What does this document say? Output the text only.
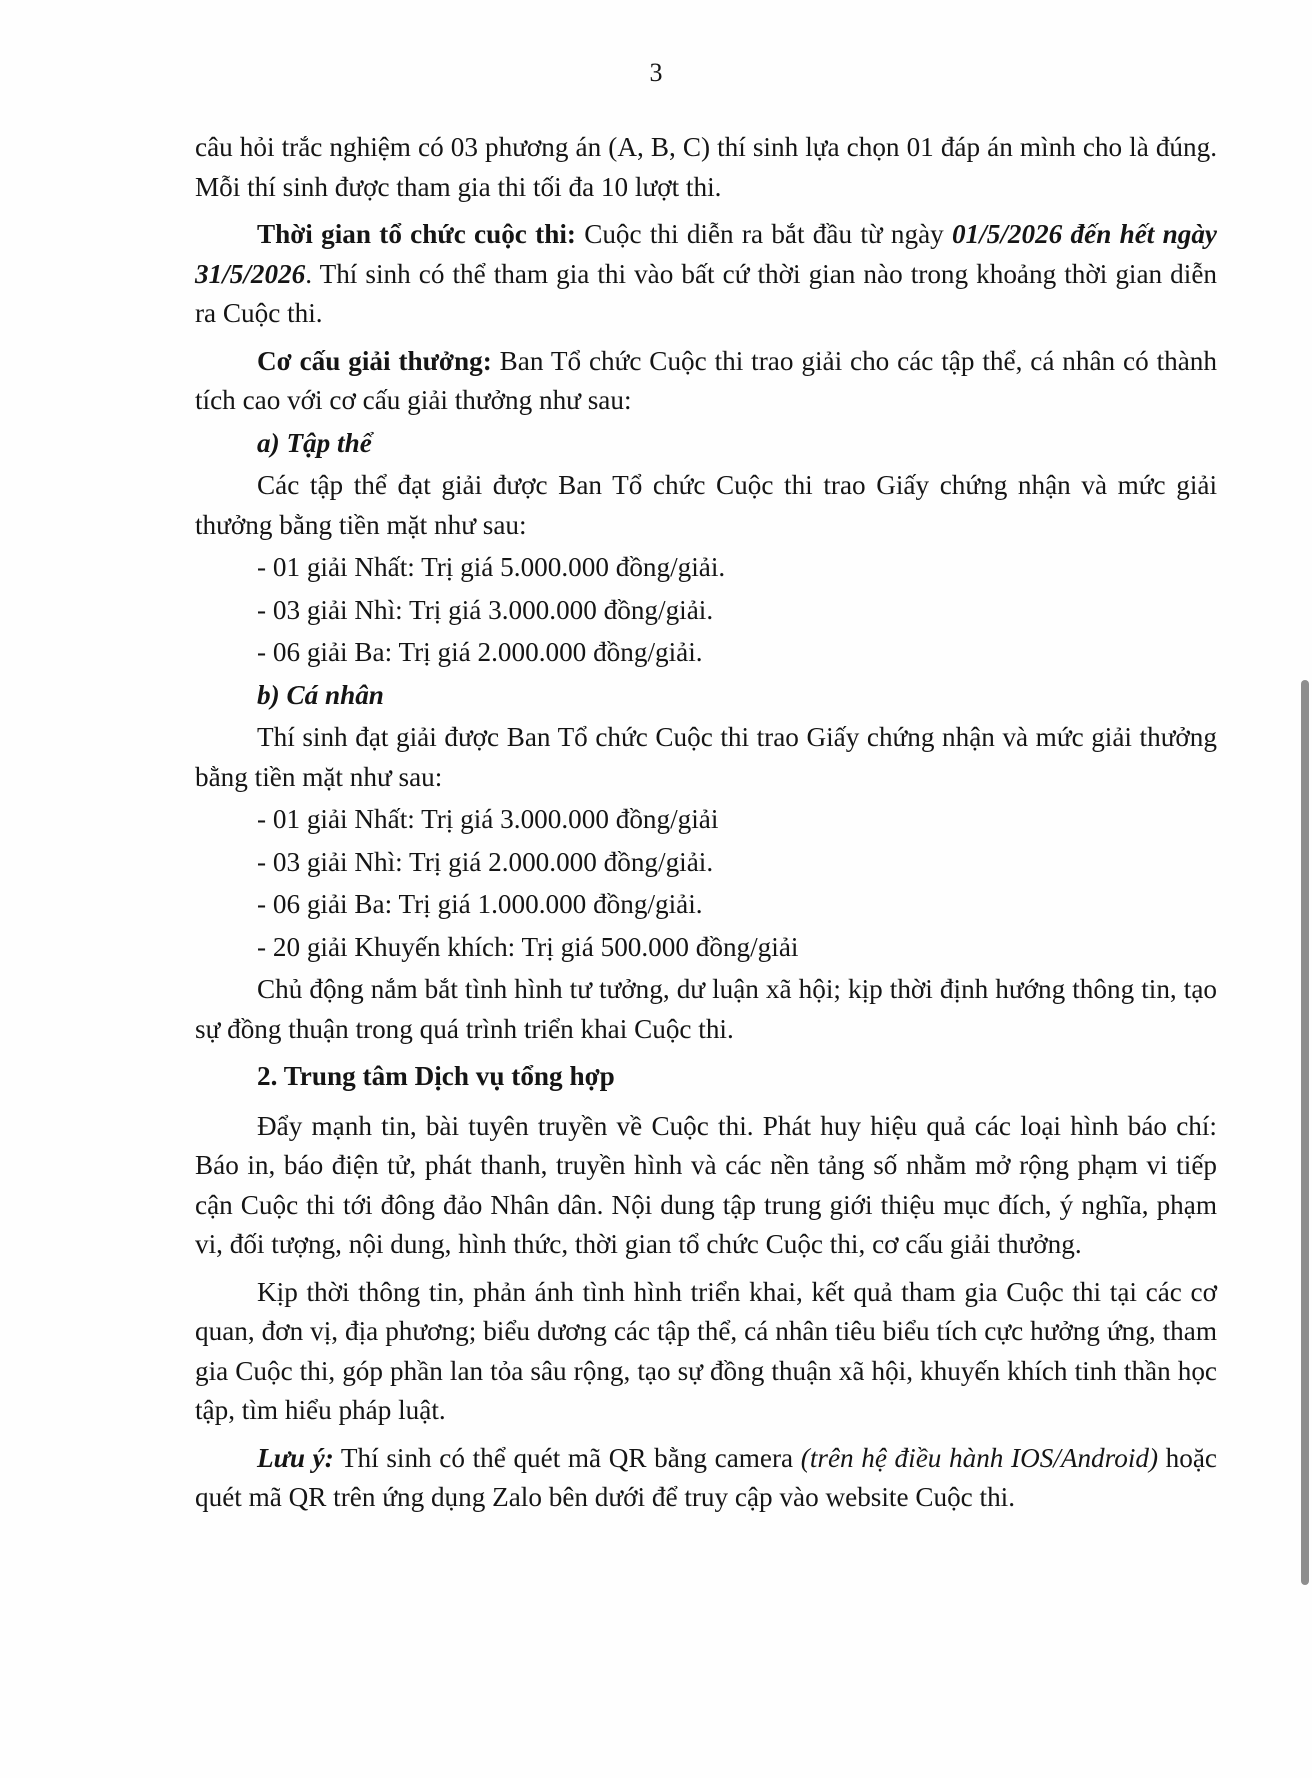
3

câu hỏi trắc nghiệm có 03 phương án (A, B, C) thí sinh lựa chọn 01 đáp án mình cho là đúng. Mỗi thí sinh được tham gia thi tối đa 10 lượt thi.

Thời gian tổ chức cuộc thi: Cuộc thi diễn ra bắt đầu từ ngày 01/5/2026 đến hết ngày 31/5/2026. Thí sinh có thể tham gia thi vào bất cứ thời gian nào trong khoảng thời gian diễn ra Cuộc thi.

Cơ cấu giải thưởng: Ban Tổ chức Cuộc thi trao giải cho các tập thể, cá nhân có thành tích cao với cơ cấu giải thưởng như sau:

a) Tập thể

Các tập thể đạt giải được Ban Tổ chức Cuộc thi trao Giấy chứng nhận và mức giải thưởng bằng tiền mặt như sau:

- 01 giải Nhất: Trị giá 5.000.000 đồng/giải.

- 03 giải Nhì: Trị giá 3.000.000 đồng/giải.

- 06 giải Ba: Trị giá 2.000.000 đồng/giải.

b) Cá nhân

Thí sinh đạt giải được Ban Tổ chức Cuộc thi trao Giấy chứng nhận và mức giải thưởng bằng tiền mặt như sau:

- 01 giải Nhất: Trị giá 3.000.000 đồng/giải

- 03 giải Nhì: Trị giá 2.000.000 đồng/giải.

- 06 giải Ba: Trị giá 1.000.000 đồng/giải.

- 20 giải Khuyến khích: Trị giá 500.000 đồng/giải

Chủ động nắm bắt tình hình tư tưởng, dư luận xã hội; kịp thời định hướng thông tin, tạo sự đồng thuận trong quá trình triển khai Cuộc thi.

2. Trung tâm Dịch vụ tổng hợp

Đẩy mạnh tin, bài tuyên truyền về Cuộc thi. Phát huy hiệu quả các loại hình báo chí: Báo in, báo điện tử, phát thanh, truyền hình và các nền tảng số nhằm mở rộng phạm vi tiếp cận Cuộc thi tới đông đảo Nhân dân. Nội dung tập trung giới thiệu mục đích, ý nghĩa, phạm vi, đối tượng, nội dung, hình thức, thời gian tổ chức Cuộc thi, cơ cấu giải thưởng.

Kịp thời thông tin, phản ánh tình hình triển khai, kết quả tham gia Cuộc thi tại các cơ quan, đơn vị, địa phương; biểu dương các tập thể, cá nhân tiêu biểu tích cực hưởng ứng, tham gia Cuộc thi, góp phần lan tỏa sâu rộng, tạo sự đồng thuận xã hội, khuyến khích tinh thần học tập, tìm hiểu pháp luật.

Lưu ý: Thí sinh có thể quét mã QR bằng camera (trên hệ điều hành IOS/Android) hoặc quét mã QR trên ứng dụng Zalo bên dưới để truy cập vào website Cuộc thi.
